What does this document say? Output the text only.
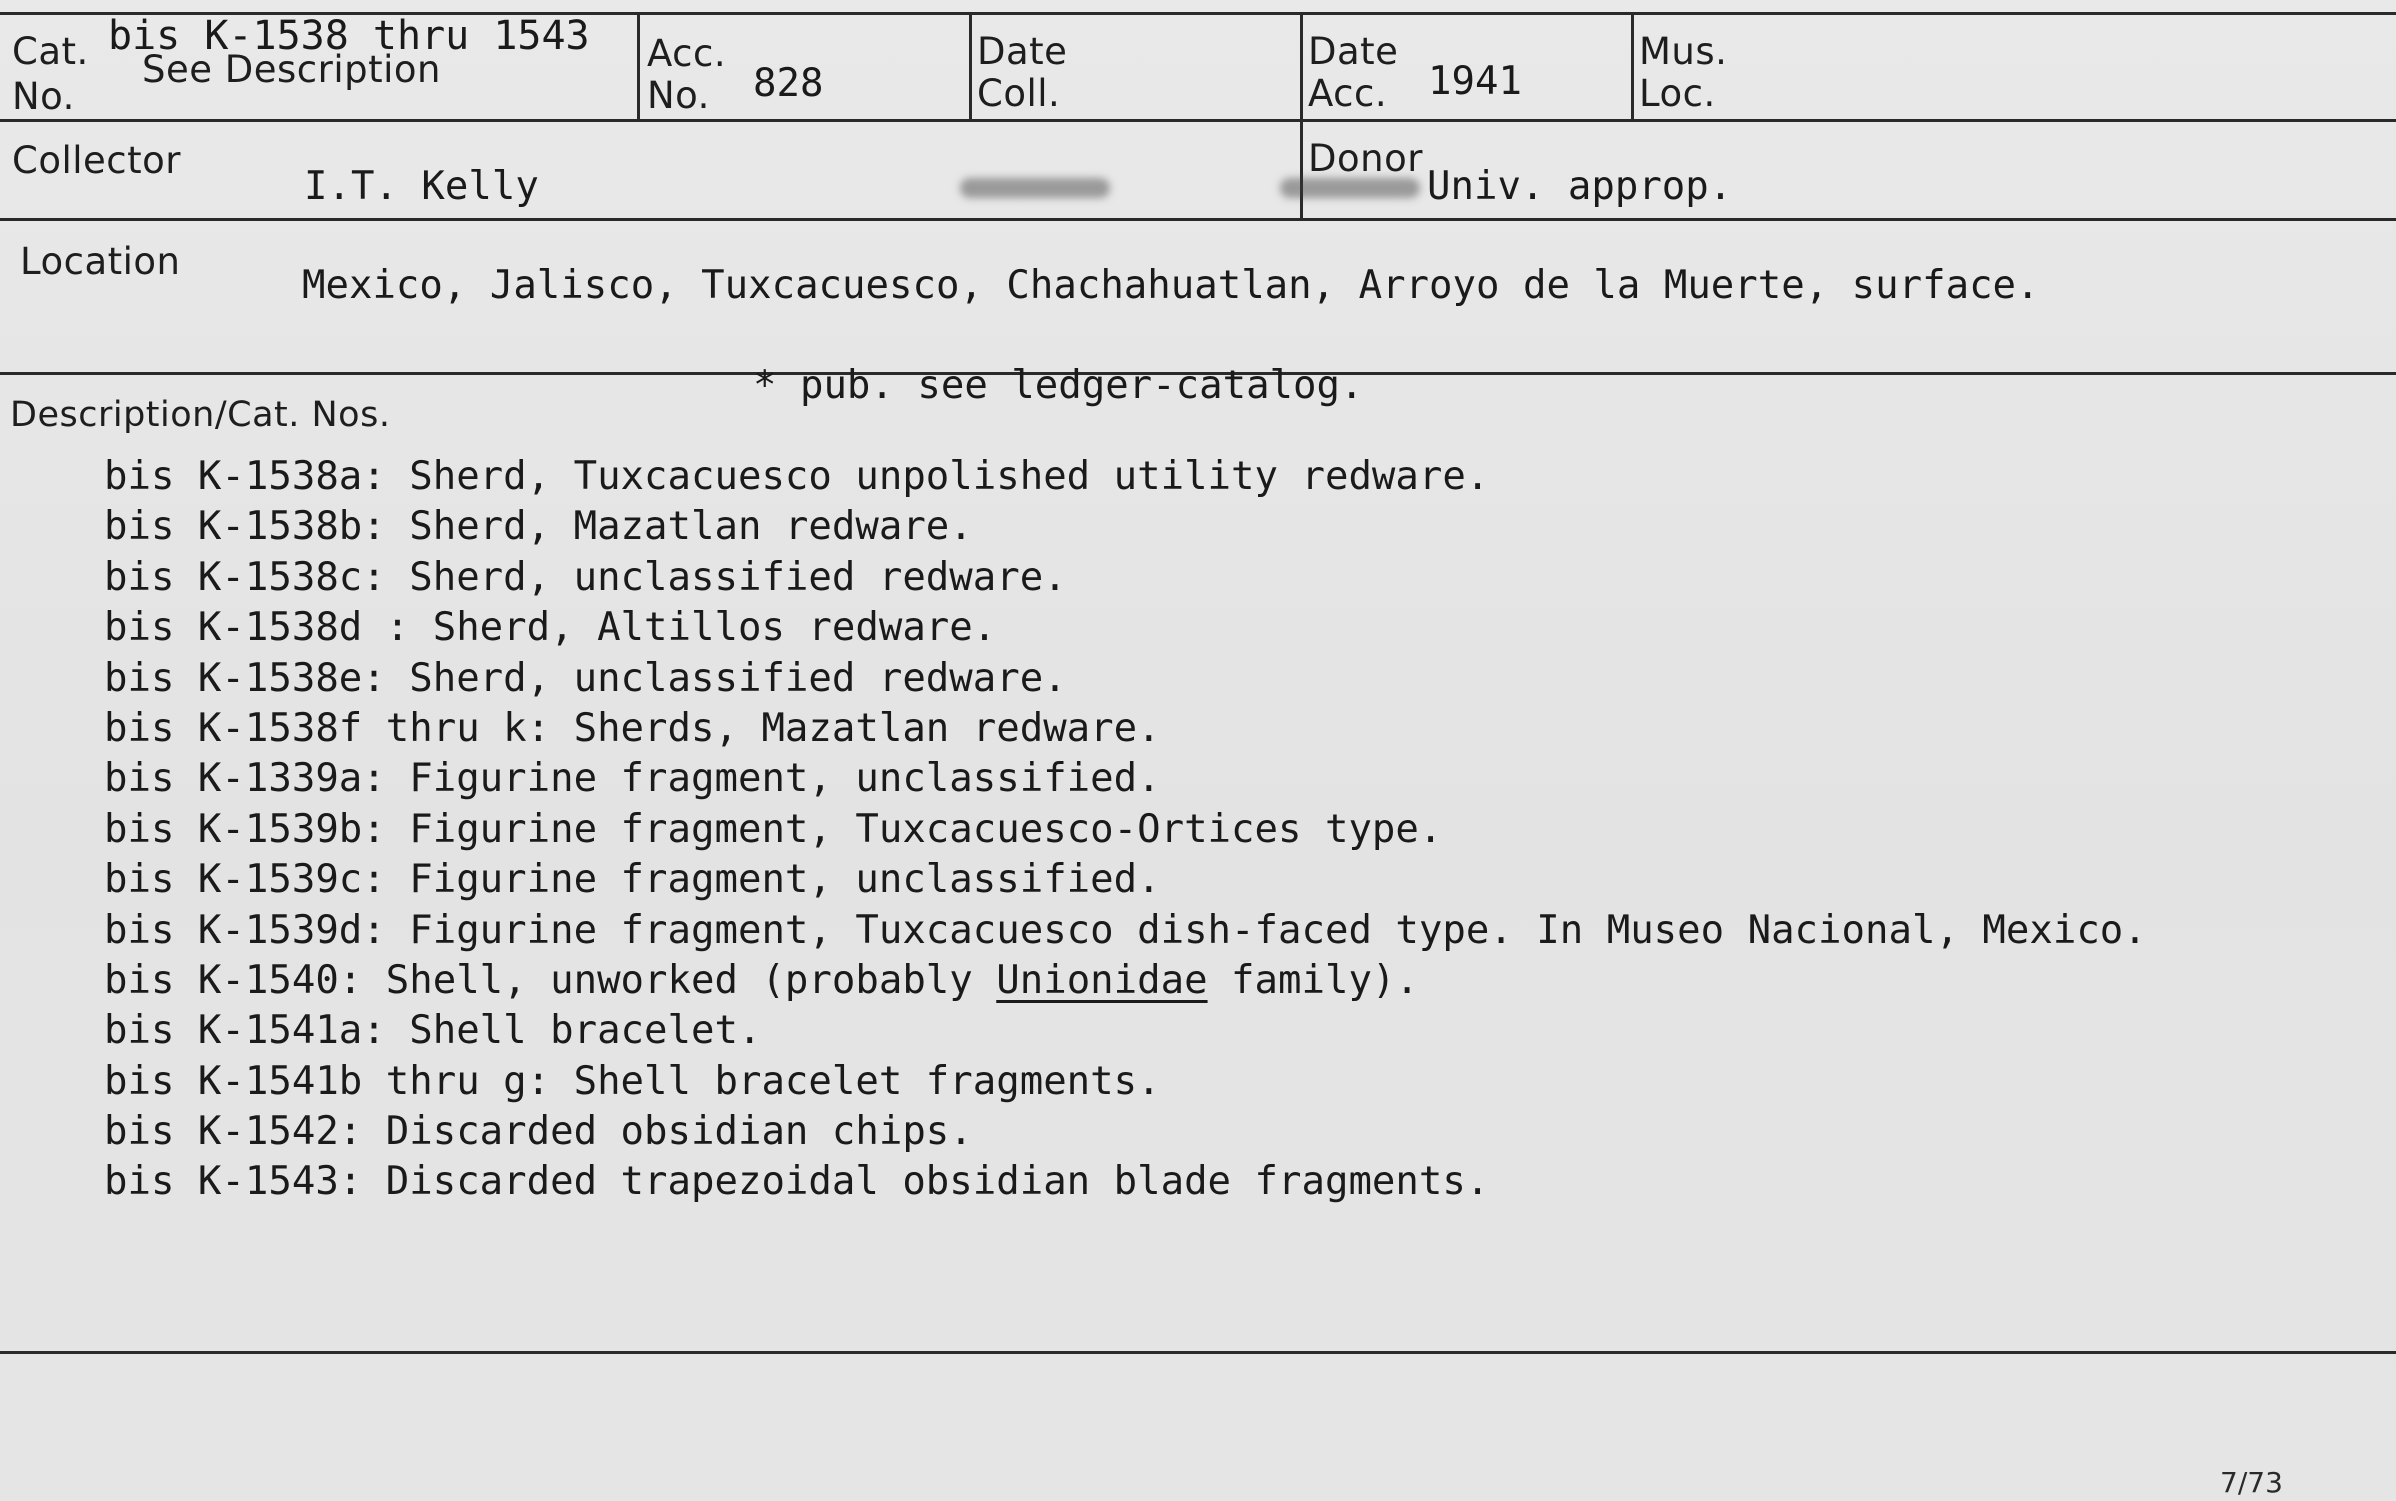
Cat.
No.
bis K-1538 thru 1543
See Description	Acc.
No. 828
Date
Coll.
Date
Acc. 1941
Mus.
Loc.
Collector
I.T. Kelly
Donor
Univ. approp.
Location
Mexico, Jalisco, Tuxcacuesco, Chachahuatlan, Arroyo de la Muerte, surface.
* pub. see ledger-catalog.
Description/Cat. Nos.
bis K-1538a: Sherd, Tuxcacuesco unpolished utility redware.
bis K-1538b: Sherd, Mazatlan redware.
bis K-1538c: Sherd, unclassified redware.
bis K-1538d : Sherd, Altillos redware.
bis K-1538e: Sherd, unclassified redware.
bis K-1538f thru k: Sherds, Mazatlan redware.
bis K-1339a: Figurine fragment, unclassified.
bis K-1539b: Figurine fragment, Tuxcacuesco-Ortices type.
bis K-1539c: Figurine fragment, unclassified.
bis K-1539d: Figurine fragment, Tuxcacuesco dish-faced type. In Museo Nacional, Mexico.
bis K-1540: Shell, unworked (probably Unionidae family).
bis K-1541a: Shell bracelet.
bis K-1541b thru g: Shell bracelet fragments.
bis K-1542: Discarded obsidian chips.
bis K-1543: Discarded trapezoidal obsidian blade fragments.
7/73
